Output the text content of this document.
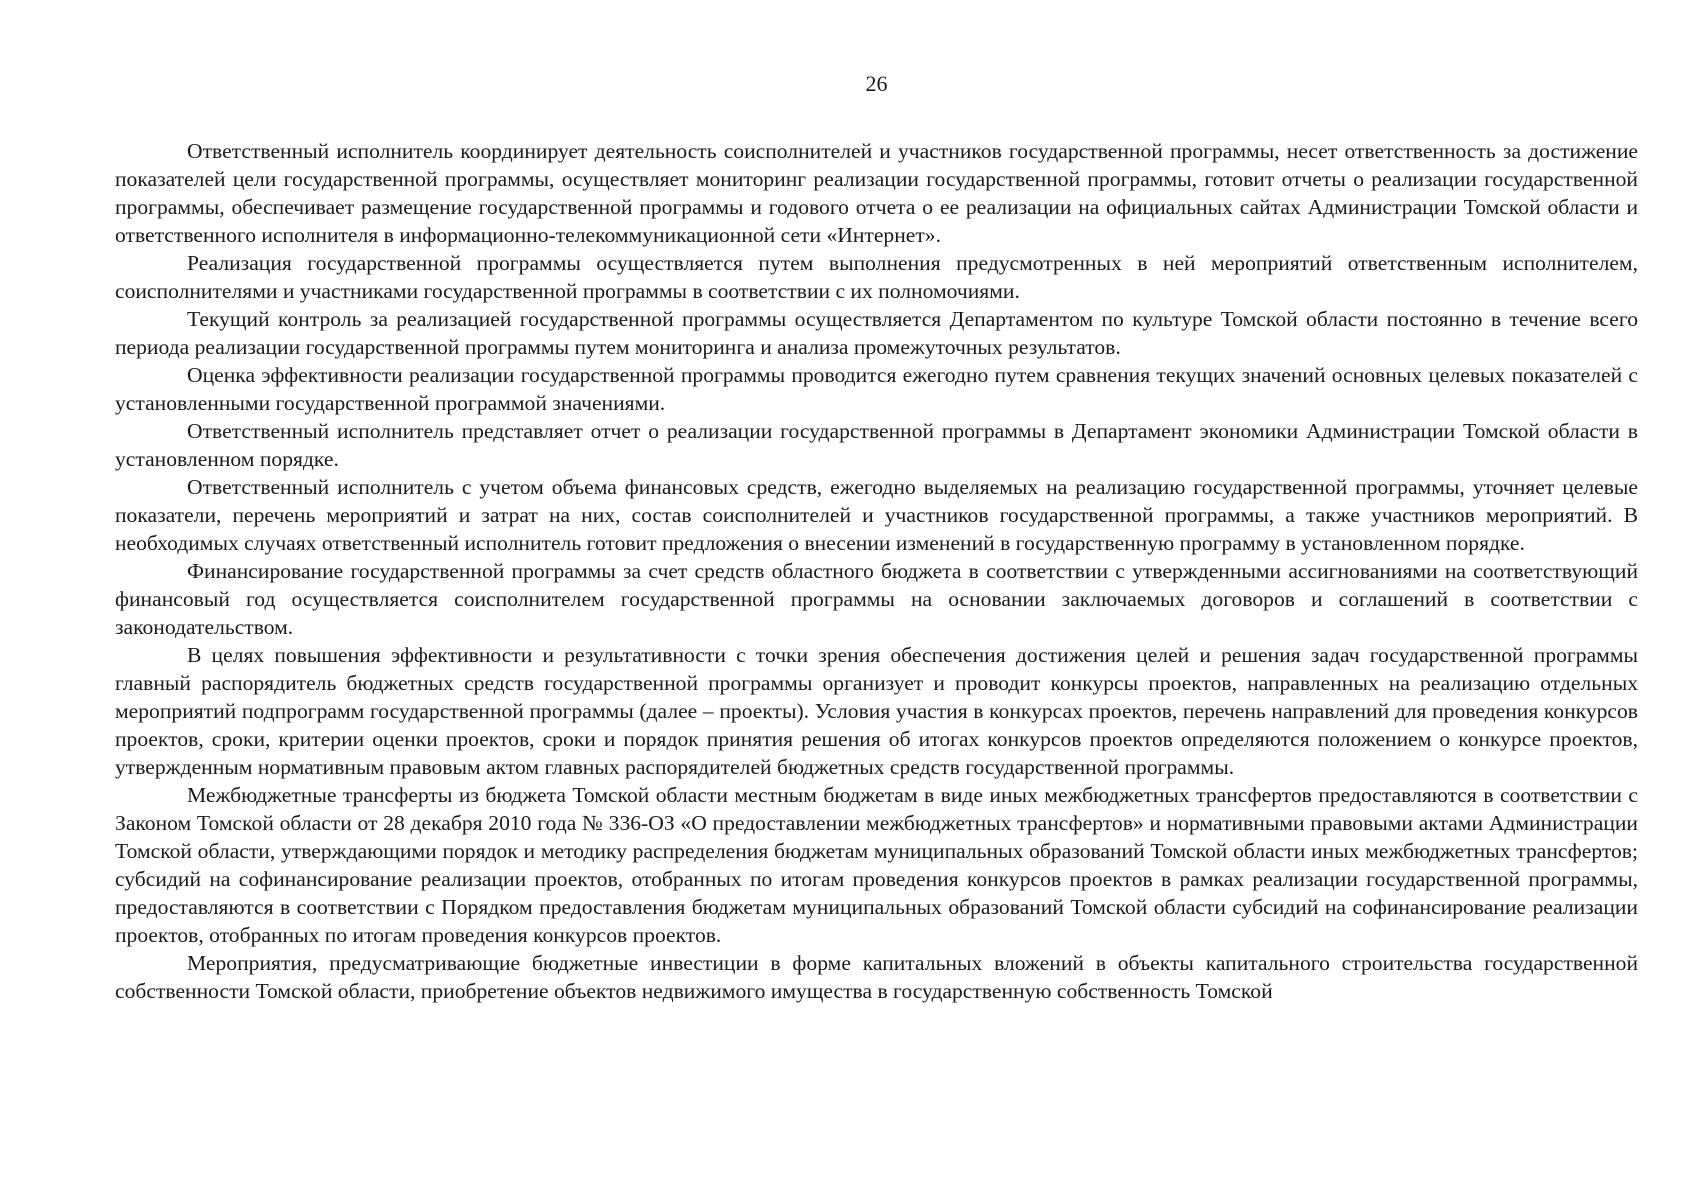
26

Ответственный исполнитель координирует деятельность соисполнителей и участников государственной программы, несет ответственность за достижение показателей цели государственной программы, осуществляет мониторинг реализации государственной программы, готовит отчеты о реализации государственной программы, обеспечивает размещение государственной программы и годового отчета о ее реализации на официальных сайтах Администрации Томской области и ответственного исполнителя в информационно-телекоммуникационной сети «Интернет».

Реализация государственной программы осуществляется путем выполнения предусмотренных в ней мероприятий ответственным исполнителем, соисполнителями и участниками государственной программы в соответствии с их полномочиями.

Текущий контроль за реализацией государственной программы осуществляется Департаментом по культуре Томской области постоянно в течение всего периода реализации государственной программы путем мониторинга и анализа промежуточных результатов.

Оценка эффективности реализации государственной программы проводится ежегодно путем сравнения текущих значений основных целевых показателей с установленными государственной программой значениями.

Ответственный исполнитель представляет отчет о реализации государственной программы в Департамент экономики Администрации Томской области в установленном порядке.

Ответственный исполнитель с учетом объема финансовых средств, ежегодно выделяемых на реализацию государственной программы, уточняет целевые показатели, перечень мероприятий и затрат на них, состав соисполнителей и участников государственной программы, а также участников мероприятий. В необходимых случаях ответственный исполнитель готовит предложения о внесении изменений в государственную программу в установленном порядке.

Финансирование государственной программы за счет средств областного бюджета в соответствии с утвержденными ассигнованиями на соответствующий финансовый год осуществляется соисполнителем государственной программы на основании заключаемых договоров и соглашений в соответствии с законодательством.

В целях повышения эффективности и результативности с точки зрения обеспечения достижения целей и решения задач государственной программы главный распорядитель бюджетных средств государственной программы организует и проводит конкурсы проектов, направленных на реализацию отдельных мероприятий подпрограмм государственной программы (далее – проекты). Условия участия в конкурсах проектов, перечень направлений для проведения конкурсов проектов, сроки, критерии оценки проектов, сроки и порядок принятия решения об итогах конкурсов проектов определяются положением о конкурсе проектов, утвержденным нормативным правовым актом главных распорядителей бюджетных средств государственной программы.

Межбюджетные трансферты из бюджета Томской области местным бюджетам в виде иных межбюджетных трансфертов предоставляются в соответствии с Законом Томской области от 28 декабря 2010 года № 336-ОЗ «О предоставлении межбюджетных трансфертов» и нормативными правовыми актами Администрации Томской области, утверждающими порядок и методику распределения бюджетам муниципальных образований Томской области иных межбюджетных трансфертов; субсидий на софинансирование реализации проектов, отобранных по итогам проведения конкурсов проектов в рамках реализации государственной программы, предоставляются в соответствии с Порядком предоставления бюджетам муниципальных образований Томской области субсидий на софинансирование реализации проектов, отобранных по итогам проведения конкурсов проектов.

Мероприятия, предусматривающие бюджетные инвестиции в форме капитальных вложений в объекты капитального строительства государственной собственности Томской области, приобретение объектов недвижимого имущества в государственную собственность Томской
